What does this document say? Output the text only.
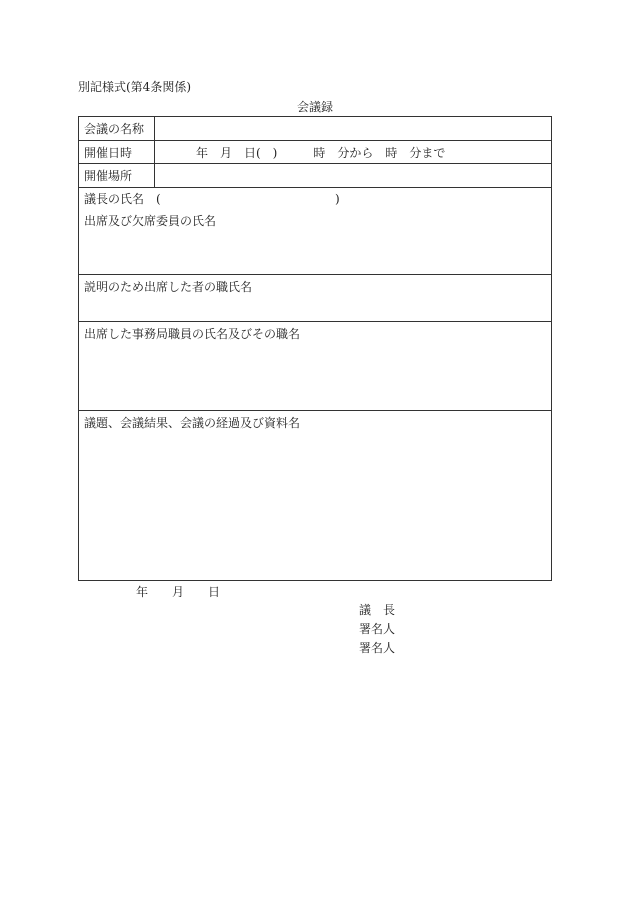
別記様式(第4条関係)
会議録
会議の名称
開催日時	年　月　日(　)　　　時　分から　時　分まで
開催場所
議長の氏名　(	)
出席及び欠席委員の氏名
説明のため出席した者の職氏名
出席した事務局職員の氏名及びその職名
議題、会議結果、会議の経過及び資料名
年　　月　　日
議　長
署名人
署名人
